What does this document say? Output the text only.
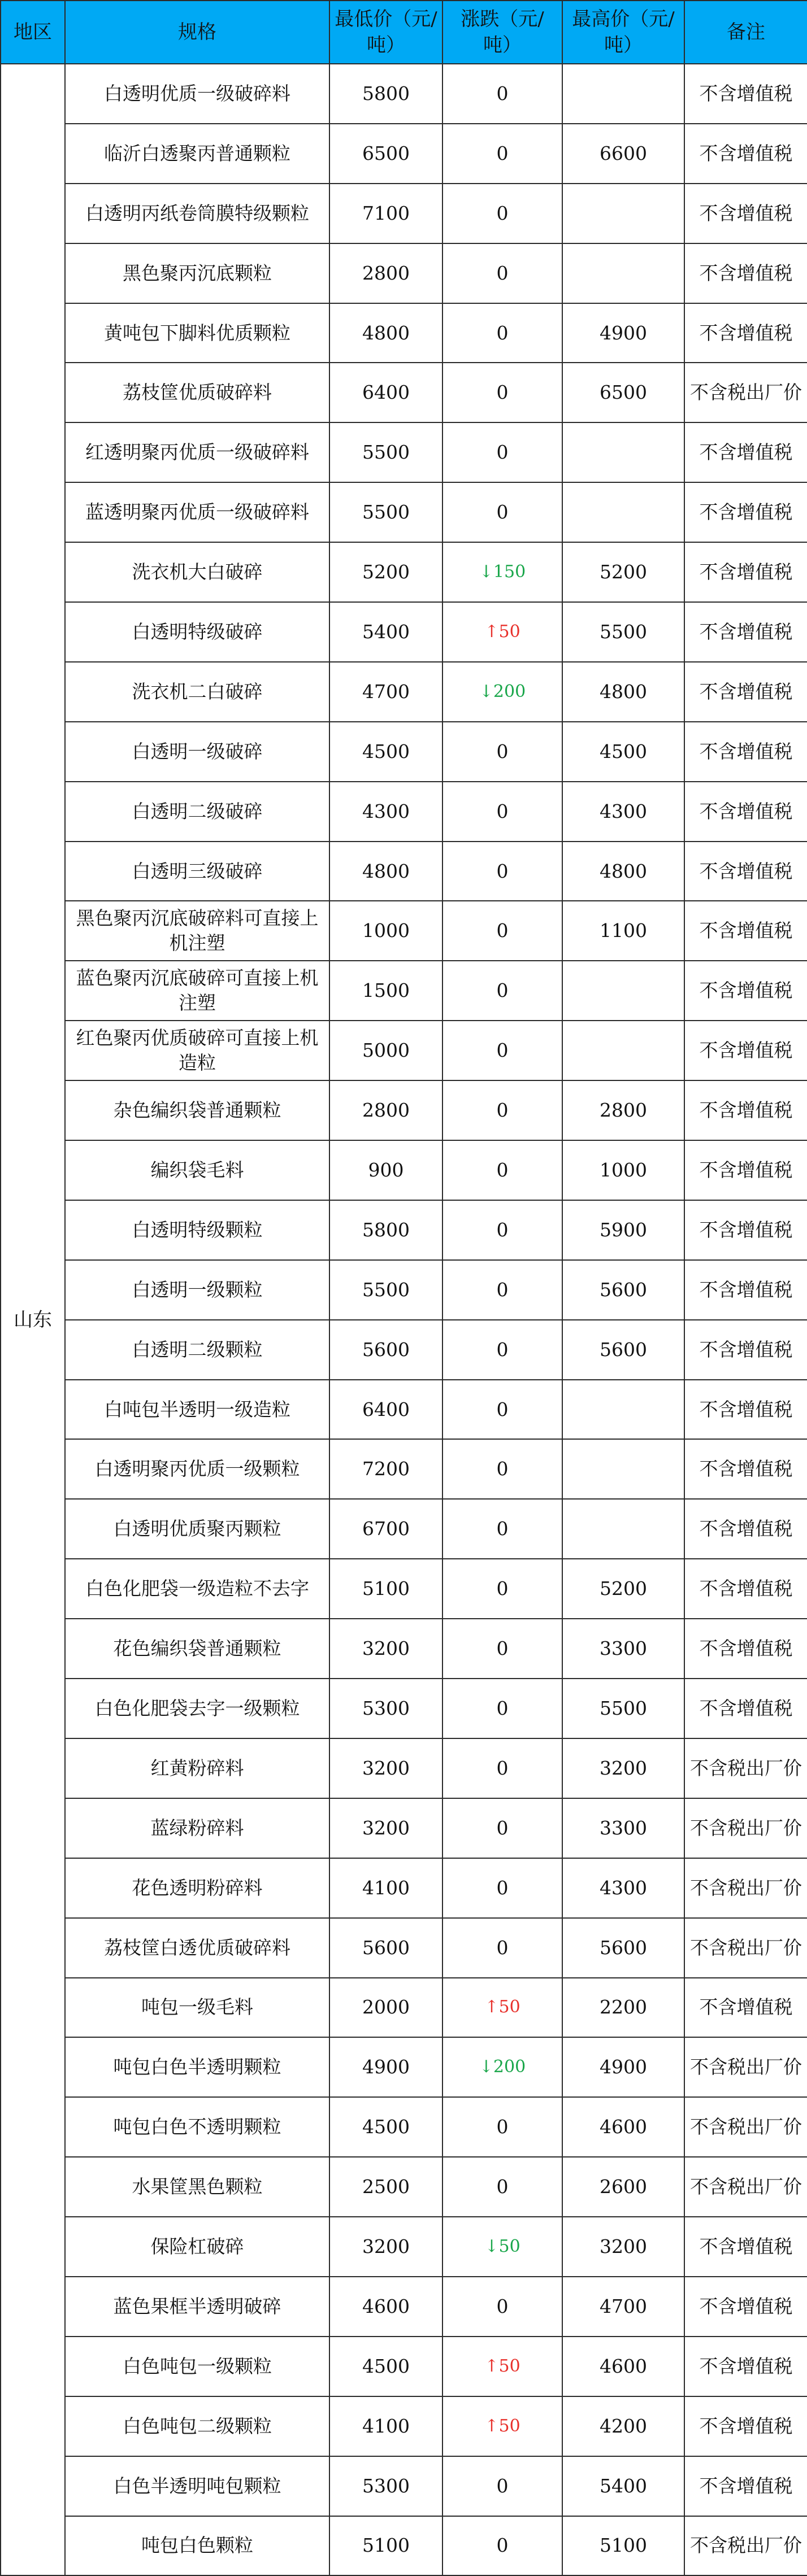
地区	规格	最低价（元/吨）	涨跌（元/吨）	最高价（元/吨）	备注
山东	白透明优质一级破碎料	5800	0		不含增值税
	临沂白透聚丙普通颗粒	6500	0	6600	不含增值税
	白透明丙纸卷筒膜特级颗粒	7100	0		不含增值税
	黑色聚丙沉底颗粒	2800	0		不含增值税
	黄吨包下脚料优质颗粒	4800	0	4900	不含增值税
	荔枝筐优质破碎料	6400	0	6500	不含税出厂价
	红透明聚丙优质一级破碎料	5500	0		不含增值税
	蓝透明聚丙优质一级破碎料	5500	0		不含增值税
	洗衣机大白破碎	5200	↓150	5200	不含增值税
	白透明特级破碎	5400	↑50	5500	不含增值税
	洗衣机二白破碎	4700	↓200	4800	不含增值税
	白透明一级破碎	4500	0	4500	不含增值税
	白透明二级破碎	4300	0	4300	不含增值税
	白透明三级破碎	4800	0	4800	不含增值税
	黑色聚丙沉底破碎料可直接上机注塑	1000	0	1100	不含增值税
	蓝色聚丙沉底破碎可直接上机注塑	1500	0		不含增值税
	红色聚丙优质破碎可直接上机造粒	5000	0		不含增值税
	杂色编织袋普通颗粒	2800	0	2800	不含增值税
	编织袋毛料	900	0	1000	不含增值税
	白透明特级颗粒	5800	0	5900	不含增值税
	白透明一级颗粒	5500	0	5600	不含增值税
	白透明二级颗粒	5600	0	5600	不含增值税
	白吨包半透明一级造粒	6400	0		不含增值税
	白透明聚丙优质一级颗粒	7200	0		不含增值税
	白透明优质聚丙颗粒	6700	0		不含增值税
	白色化肥袋一级造粒不去字	5100	0	5200	不含增值税
	花色编织袋普通颗粒	3200	0	3300	不含增值税
	白色化肥袋去字一级颗粒	5300	0	5500	不含增值税
	红黄粉碎料	3200	0	3200	不含税出厂价
	蓝绿粉碎料	3200	0	3300	不含税出厂价
	花色透明粉碎料	4100	0	4300	不含税出厂价
	荔枝筐白透优质破碎料	5600	0	5600	不含税出厂价
	吨包一级毛料	2000	↑50	2200	不含增值税
	吨包白色半透明颗粒	4900	↓200	4900	不含税出厂价
	吨包白色不透明颗粒	4500	0	4600	不含税出厂价
	水果筐黑色颗粒	2500	0	2600	不含税出厂价
	保险杠破碎	3200	↓50	3200	不含增值税
	蓝色果框半透明破碎	4600	0	4700	不含增值税
	白色吨包一级颗粒	4500	↑50	4600	不含增值税
	白色吨包二级颗粒	4100	↑50	4200	不含增值税
	白色半透明吨包颗粒	5300	0	5400	不含增值税
	吨包白色颗粒	5100	0	5100	不含税出厂价
